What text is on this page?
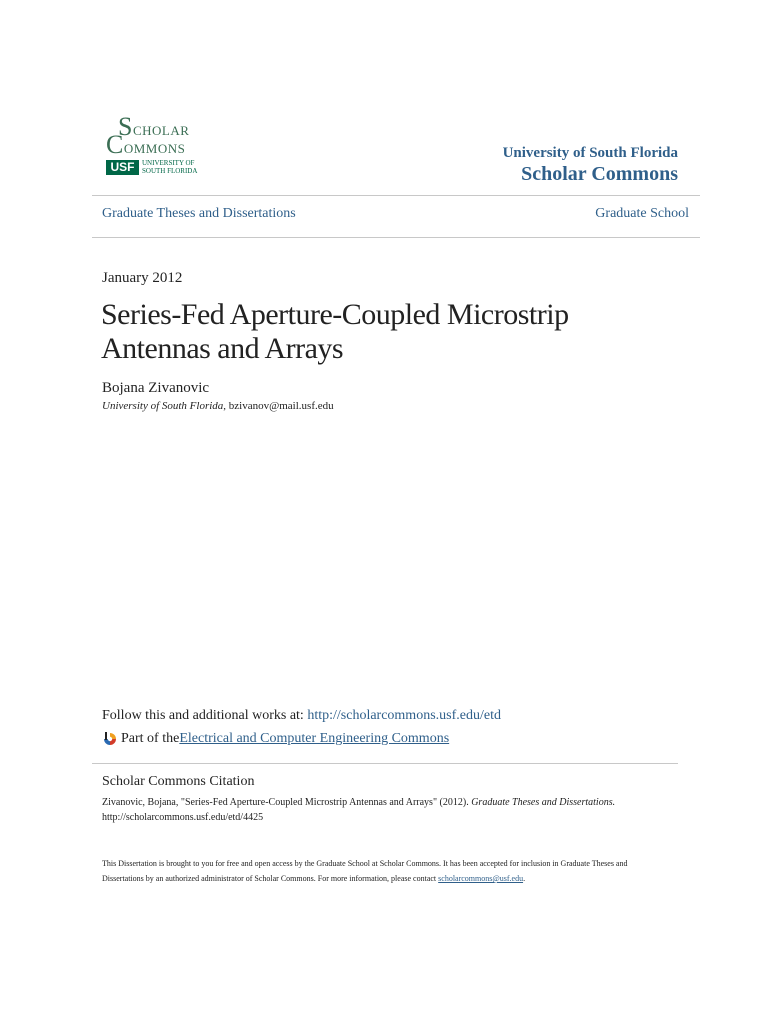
SCHOLAR
COMMONS
USF	UNIVERSITY OF
SOUTH FLORIDA
University of South Florida
Scholar Commons
Graduate Theses and Dissertations	Graduate School
January 2012
Series-Fed Aperture-Coupled Microstrip Antennas and Arrays
Bojana Zivanovic
University of South Florida, bzivanov@mail.usf.edu
Follow this and additional works at: http://scholarcommons.usf.edu/etd
Part of the Electrical and Computer Engineering Commons
Scholar Commons Citation
Zivanovic, Bojana, "Series-Fed Aperture-Coupled Microstrip Antennas and Arrays" (2012). Graduate Theses and Dissertations.
http://scholarcommons.usf.edu/etd/4425
This Dissertation is brought to you for free and open access by the Graduate School at Scholar Commons. It has been accepted for inclusion in Graduate Theses and Dissertations by an authorized administrator of Scholar Commons. For more information, please contact scholarcommons@usf.edu.
